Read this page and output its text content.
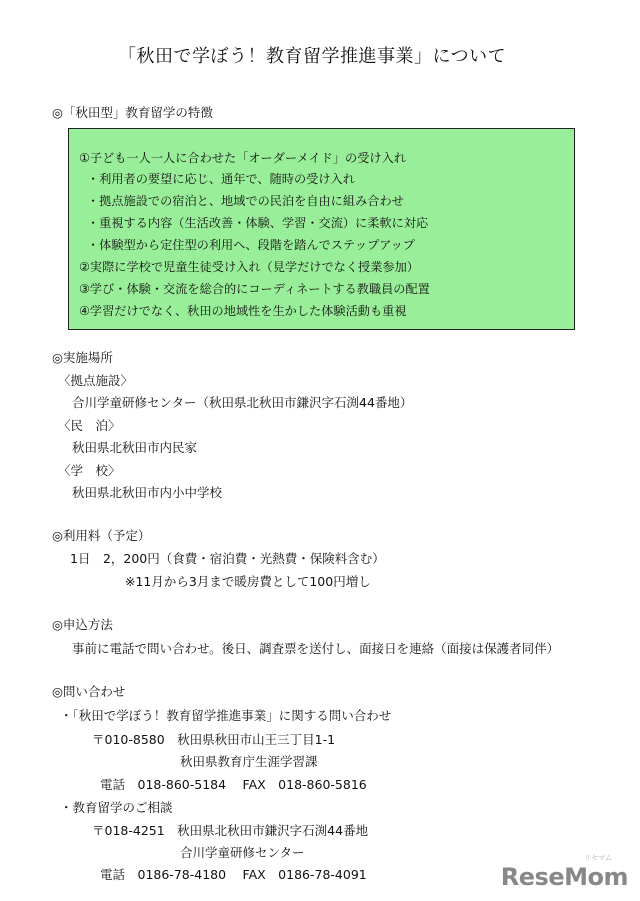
「秋田で学ぼう！教育留学推進事業」について
◎「秋田型」教育留学の特徴
①子ども一人一人に合わせた「オーダーメイド」の受け入れ
・利用者の要望に応じ、通年で、随時の受け入れ
・拠点施設での宿泊と、地域での民泊を自由に組み合わせ
・重視する内容（生活改善・体験、学習・交流）に柔軟に対応
・体験型から定住型の利用へ、段階を踏んでステップアップ
②実際に学校で児童生徒受け入れ（見学だけでなく授業参加）
③学び・体験・交流を総合的にコーディネートする教職員の配置
④学習だけでなく、秋田の地域性を生かした体験活動も重視
◎実施場所
〈拠点施設〉
合川学童研修センター（秋田県北秋田市鎌沢字石渕44番地）
〈民　泊〉
秋田県北秋田市内民家
〈学　校〉
秋田県北秋田市内小中学校
◎利用料（予定）
1日　2，200円（食費・宿泊費・光熱費・保険料含む）
※11月から3月まで暖房費として100円増し
◎申込方法
事前に電話で問い合わせ。後日、調査票を送付し、面接日を連絡（面接は保護者同伴）
◎問い合わせ
・「秋田で学ぼう！教育留学推進事業」に関する問い合わせ
〒010-8580　秋田県秋田市山王三丁目1-1
秋田県教育庁生涯学習課
電話　018-860-5184　 FAX　018-860-5816
・教育留学のご相談
〒018-4251　秋田県北秋田市鎌沢字石渕44番地
合川学童研修センター
電話　0186-78-4180　 FAX　0186-78-4091
リセマム
ReseMom
